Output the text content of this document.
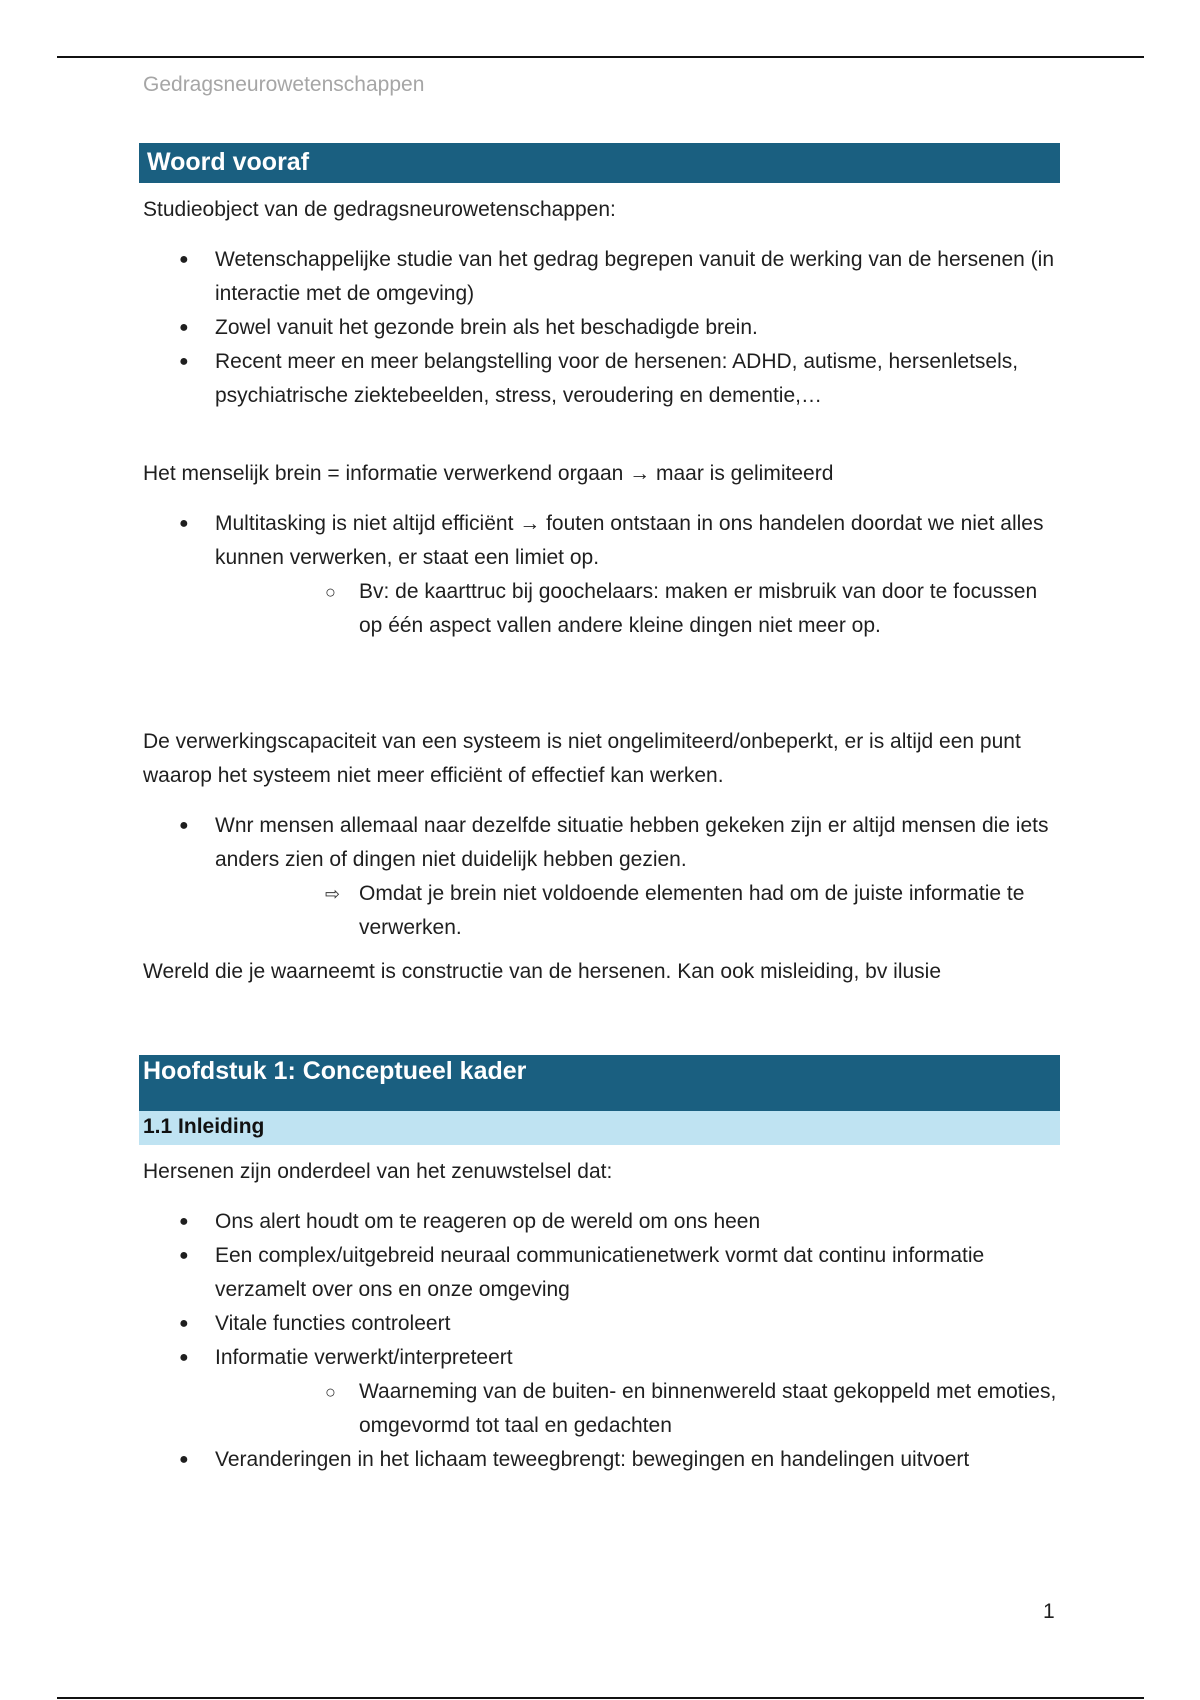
Gedragsneurowetenschappen
Woord vooraf

Studieobject van de gedragsneurowetenschappen:

● Wetenschappelijke studie van het gedrag begrepen vanuit de werking van de hersenen (in interactie met de omgeving)
● Zowel vanuit het gezonde brein als het beschadigde brein.
● Recent meer en meer belangstelling voor de hersenen: ADHD, autisme, hersenletsels, psychiatrische ziektebeelden, stress, veroudering en dementie,…

Het menselijk brein = informatie verwerkend orgaan → maar is gelimiteerd

● Multitasking is niet altijd efficiënt → fouten ontstaan in ons handelen doordat we niet alles kunnen verwerken, er staat een limiet op.
○	Bv: de kaarttruc bij goochelaars: maken er misbruik van door te focussen op één aspect vallen andere kleine dingen niet meer op.

De verwerkingscapaciteit van een systeem is niet ongelimiteerd/onbeperkt, er is altijd een punt waarop het systeem niet meer efficiënt of effectief kan werken.

● Wnr mensen allemaal naar dezelfde situatie hebben gekeken zijn er altijd mensen die iets anders zien of dingen niet duidelijk hebben gezien.
⇨ Omdat je brein niet voldoende elementen had om de juiste informatie te verwerken.

Wereld die je waarneemt is constructie van de hersenen. Kan ook misleiding, bv ilusie

Hoofdstuk 1: Conceptueel kader
1.1 Inleiding

Hersenen zijn onderdeel van het zenuwstelsel dat:

● Ons alert houdt om te reageren op de wereld om ons heen
● Een complex/uitgebreid neuraal communicatienetwerk vormt dat continu informatie verzamelt over ons en onze omgeving
● Vitale functies controleert
● Informatie verwerkt/interpreteert
○	Waarneming van de buiten- en binnenwereld staat gekoppeld met emoties, omgevormd tot taal en gedachten
● Veranderingen in het lichaam teweegbrengt: bewegingen en handelingen uitvoert
1
